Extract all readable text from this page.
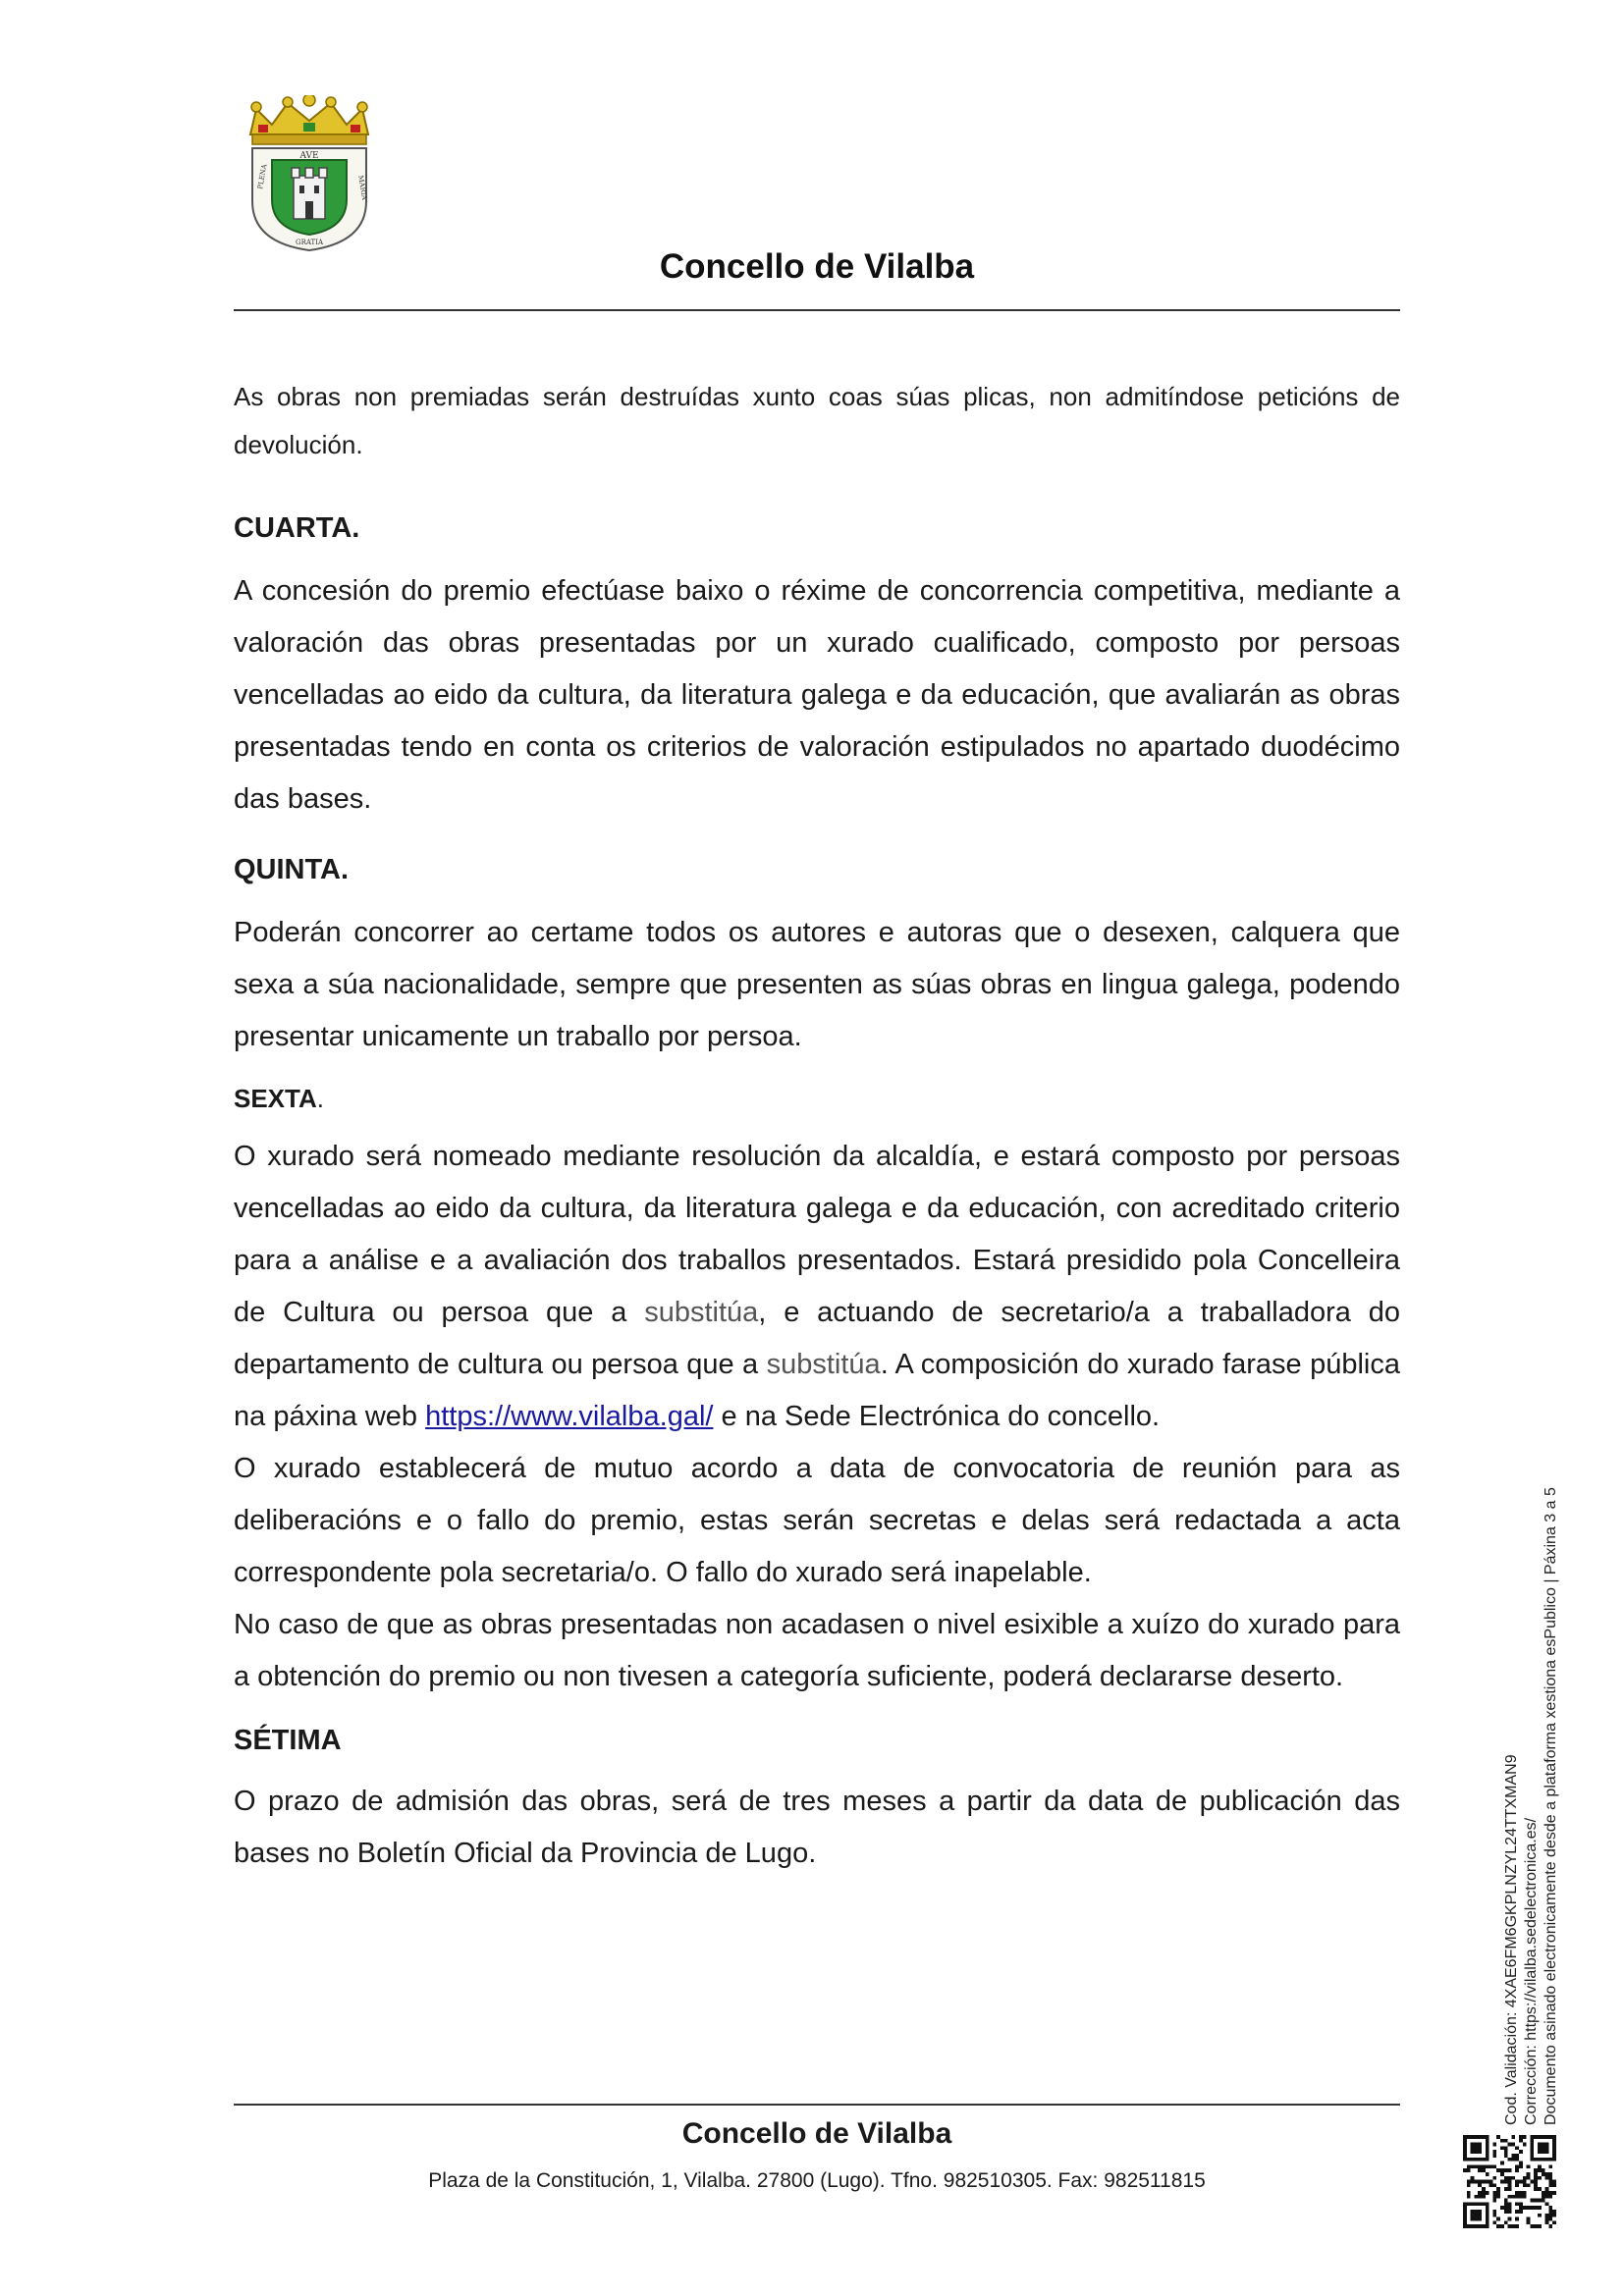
AVE
PLENA	MARIA
GRATIA
Concello de Vilalba

As obras non premiadas serán destruídas xunto coas súas plicas, non admitíndose peticións de devolución.

CUARTA.

A concesión do premio efectúase baixo o réxime de concorrencia competitiva, mediante a valoración das obras presentadas por un xurado cualificado, composto por persoas vencelladas ao eido da cultura, da literatura galega e da educación, que avaliarán as obras presentadas tendo en conta os criterios de valoración estipulados no apartado duodécimo das bases.

QUINTA.

Poderán concorrer ao certame todos os autores e autoras que o desexen, calquera que sexa a súa nacionalidade, sempre que presenten as súas obras en lingua galega, podendo presentar unicamente un traballo por persoa.

SEXTA.

O xurado será nomeado mediante resolución da alcaldía, e estará composto por persoas vencelladas ao eido da cultura, da literatura galega e da educación, con acreditado criterio para a análise e a avaliación dos traballos presentados. Estará presidido pola Concelleira de Cultura ou persoa que a substitúa, e actuando de secretario/a a traballadora do departamento de cultura ou persoa que a substitúa. A composición do xurado farase pública na páxina web https://www.vilalba.gal/ e na Sede Electrónica do concello.

O xurado establecerá de mutuo acordo a data de convocatoria de reunión para as deliberacións e o fallo do premio, estas serán secretas e delas será redactada a acta correspondente pola secretaria/o. O fallo do xurado será inapelable.

No caso de que as obras presentadas non acadasen o nivel esixible a xuízo do xurado para a obtención do premio ou non tivesen a categoría suficiente, poderá declararse deserto.

SÉTIMA

O prazo de admisión das obras, será de tres meses a partir da data de publicación das bases no Boletín Oficial da Provincia de Lugo.

Concello de Vilalba
Plaza de la Constitución, 1, Vilalba. 27800 (Lugo). Tfno. 982510305. Fax: 982511815
Cod. Validación: 4XAE6FM6GKPLNZYL24TTXMAN9 Corrección: https://vilalba.sedelectronica.es/ Documento asinado electronicamente desde a plataforma xestiona esPublico | Páxina 3 a 5
